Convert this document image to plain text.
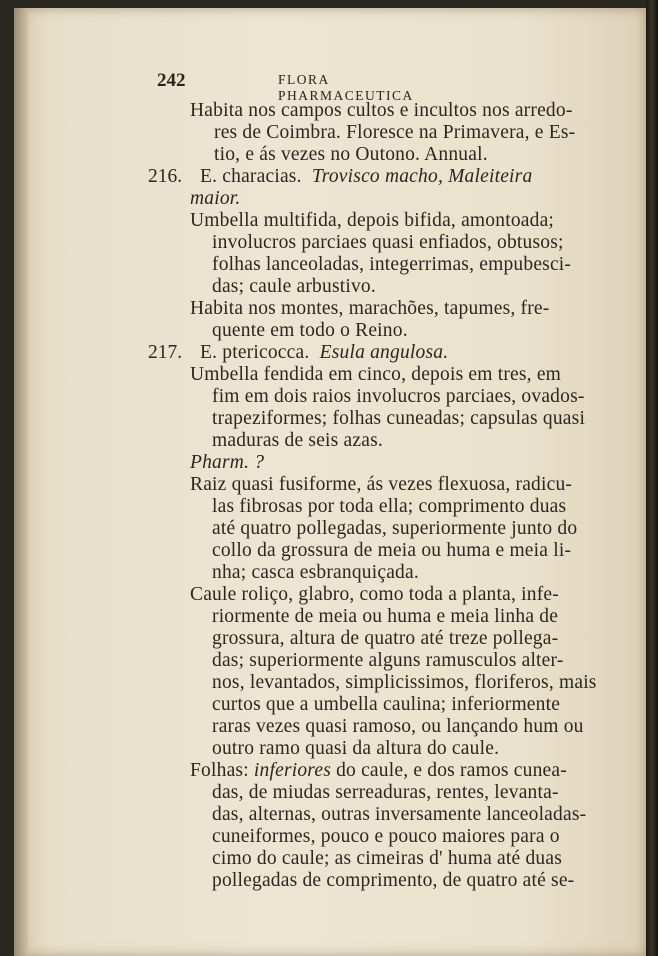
242	FLORA PHARMACEUTICA
Habita nos campos cultos e incultos nos arredo-
res de Coimbra. Floresce na Primavera, e Es-
tio, e ás vezes no Outono. Annual.
216. E. characias. Trovisco macho, Maleiteira
maior.
Umbella multifida, depois bifida, amontoada;
involucros parciaes quasi enfiados, obtusos;
folhas lanceoladas, integerrimas, empubesci-
das; caule arbustivo.
Habita nos montes, marachões, tapumes, fre-
quente em todo o Reino.
217. E. ptericocca. Esula angulosa.
Umbella fendida em cinco, depois em tres, em
fim em dois raios involucros parciaes, ovados-
trapeziformes; folhas cuneadas; capsulas quasi
maduras de seis azas.
Pharm. ?
Raiz quasi fusiforme, ás vezes flexuosa, radicu-
las fibrosas por toda ella; comprimento duas
até quatro pollegadas, superiormente junto do
collo da grossura de meia ou huma e meia li-
nha; casca esbranquiçada.
Caule roliço, glabro, como toda a planta, infe-
riormente de meia ou huma e meia linha de
grossura, altura de quatro até treze pollega-
das; superiormente alguns ramusculos alter-
nos, levantados, simplicissimos, floriferos, mais
curtos que a umbella caulina; inferiormente
raras vezes quasi ramoso, ou lançando hum ou
outro ramo quasi da altura do caule.
Folhas: inferiores do caule, e dos ramos cunea-
das, de miudas serreaduras, rentes, levanta-
das, alternas, outras inversamente lanceoladas-
cuneiformes, pouco e pouco maiores para o
cimo do caule; as cimeiras d' huma até duas
pollegadas de comprimento, de quatro até se-
